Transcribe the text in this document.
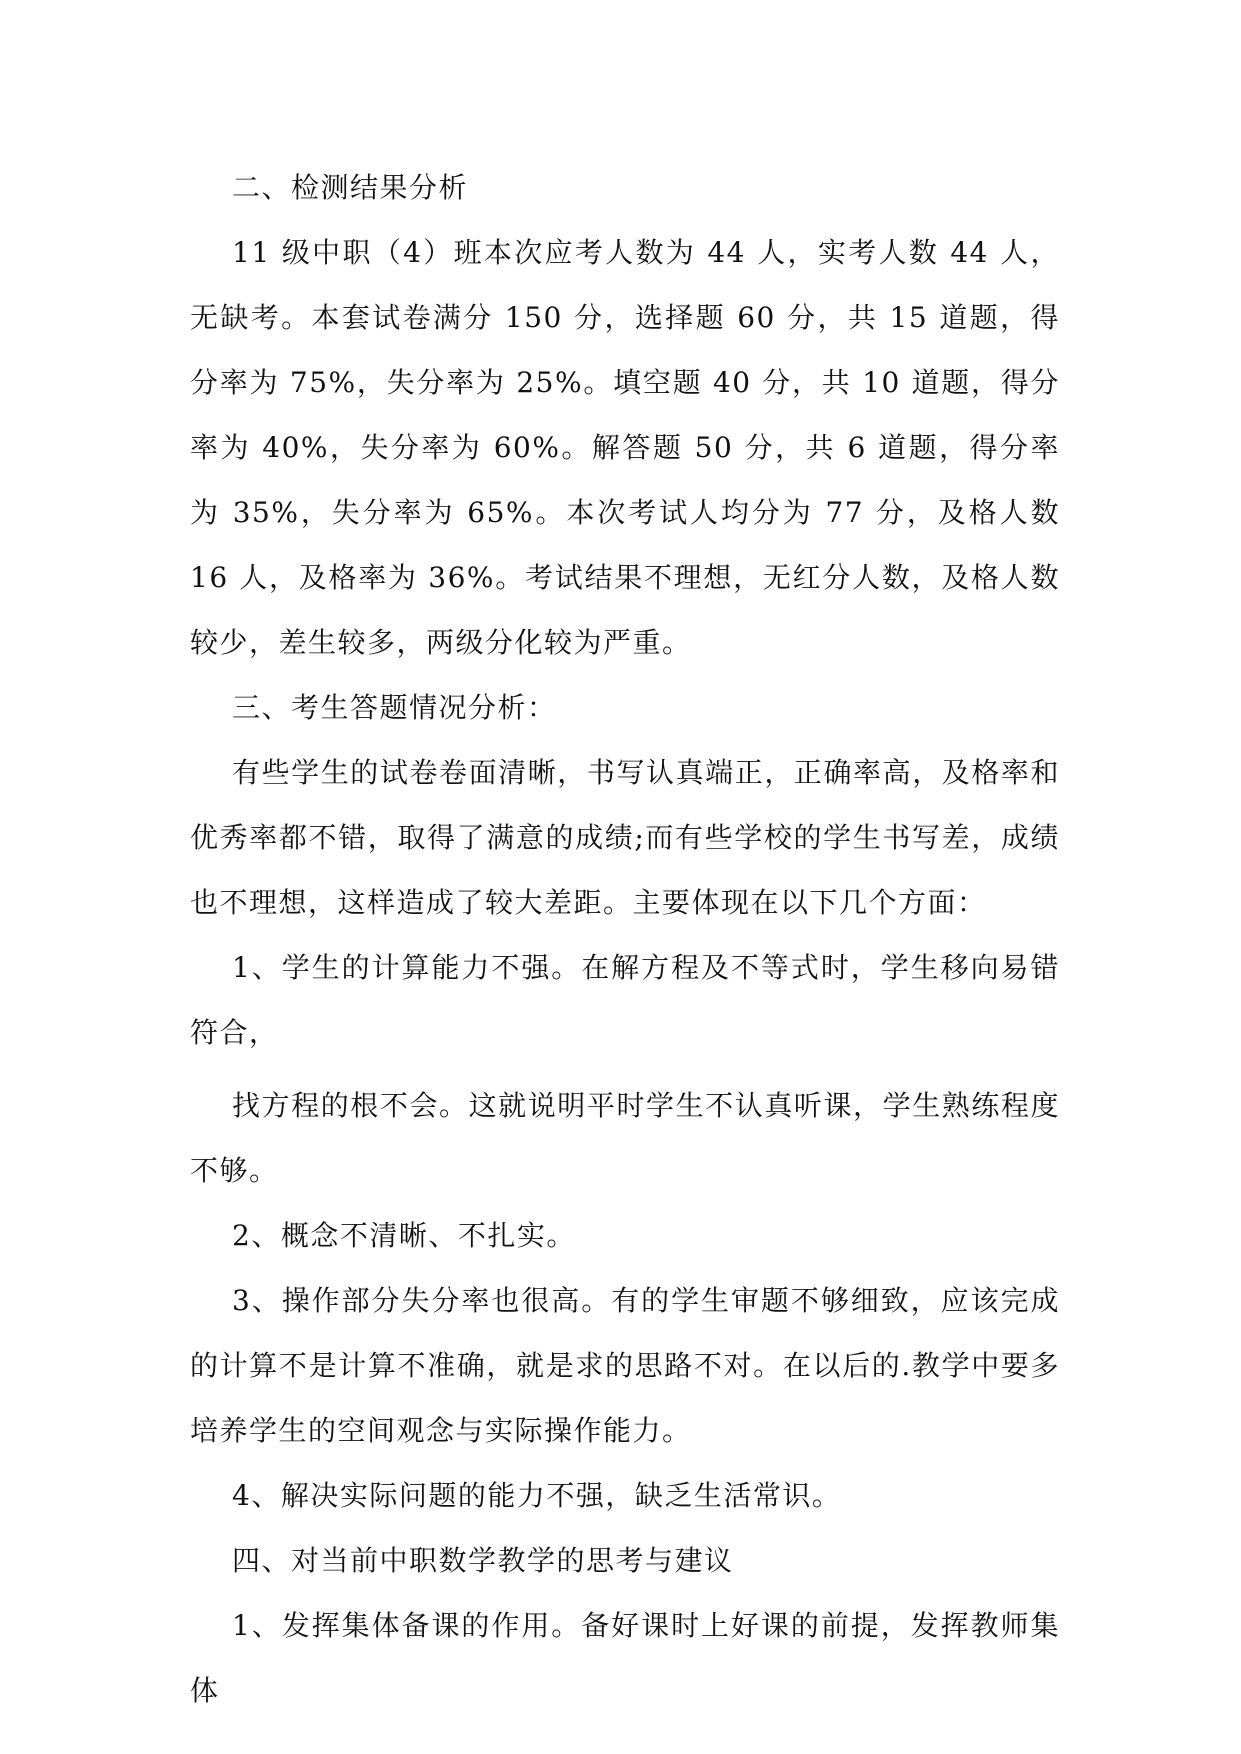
二、检测结果分析

11 级中职（4）班本次应考人数为 44 人，实考人数 44 人，无缺考。本套试卷满分 150 分，选择题 60 分，共 15 道题，得分率为 75%，失分率为 25%。填空题 40 分，共 10 道题，得分率为 40%，失分率为 60%。解答题 50 分，共 6 道题，得分率为 35%，失分率为 65%。本次考试人均分为 77 分，及格人数 16 人，及格率为 36%。考试结果不理想，无红分人数，及格人数较少，差生较多，两级分化较为严重。

三、考生答题情况分析：

有些学生的试卷卷面清晰，书写认真端正，正确率高，及格率和优秀率都不错，取得了满意的成绩;而有些学校的学生书写差，成绩也不理想，这样造成了较大差距。主要体现在以下几个方面：

1、学生的计算能力不强。在解方程及不等式时，学生移向易错符合，

找方程的根不会。这就说明平时学生不认真听课，学生熟练程度不够。

2、概念不清晰、不扎实。

3、操作部分失分率也很高。有的学生审题不够细致，应该完成的计算不是计算不准确，就是求的思路不对。在以后的.教学中要多培养学生的空间观念与实际操作能力。

4、解决实际问题的能力不强，缺乏生活常识。

四、对当前中职数学教学的思考与建议

1、发挥集体备课的作用。备好课时上好课的前提，发挥教师集体
